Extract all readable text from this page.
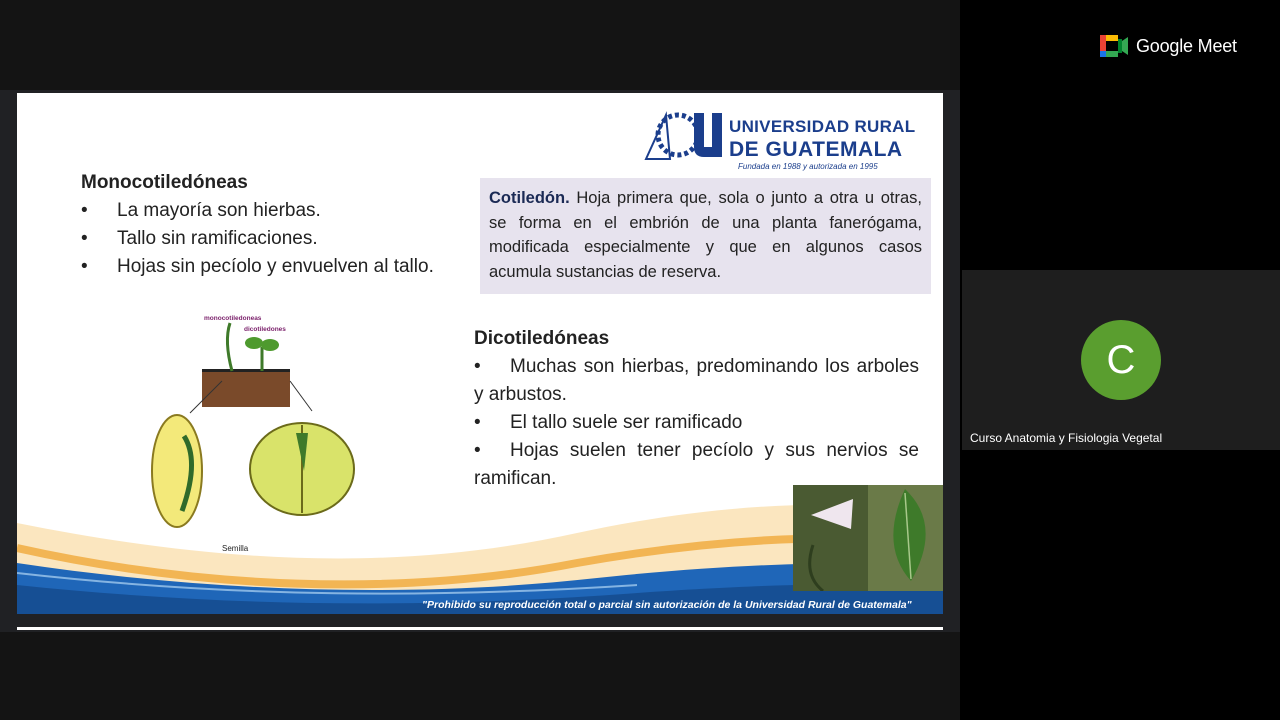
UNIVERSIDAD RURAL
DE GUATEMALA
Fundada en 1988 y autorizada en 1995
Monocotiledóneas
• La mayoría son hierbas.
• Tallo sin ramificaciones.
• Hojas sin pecíolo y envuelven al tallo.
Cotiledón. Hoja primera que, sola o junto a otra u otras, se forma en el embrión de una planta fanerógama, modificada especialmente y que en algunos casos acumula sustancias de reserva.
monocotiledoneas
dicotiledones
Semilla
Dicotiledóneas
• Muchas son hierbas, predominando los arboles y arbustos.
• El tallo suele ser ramificado
• Hojas suelen tener pecíolo y sus nervios se ramifican.
"Prohibido su reproducción total o parcial sin autorización de la Universidad Rural de Guatemala"
Google Meet
C
Curso Anatomia y Fisiologia Vegetal
